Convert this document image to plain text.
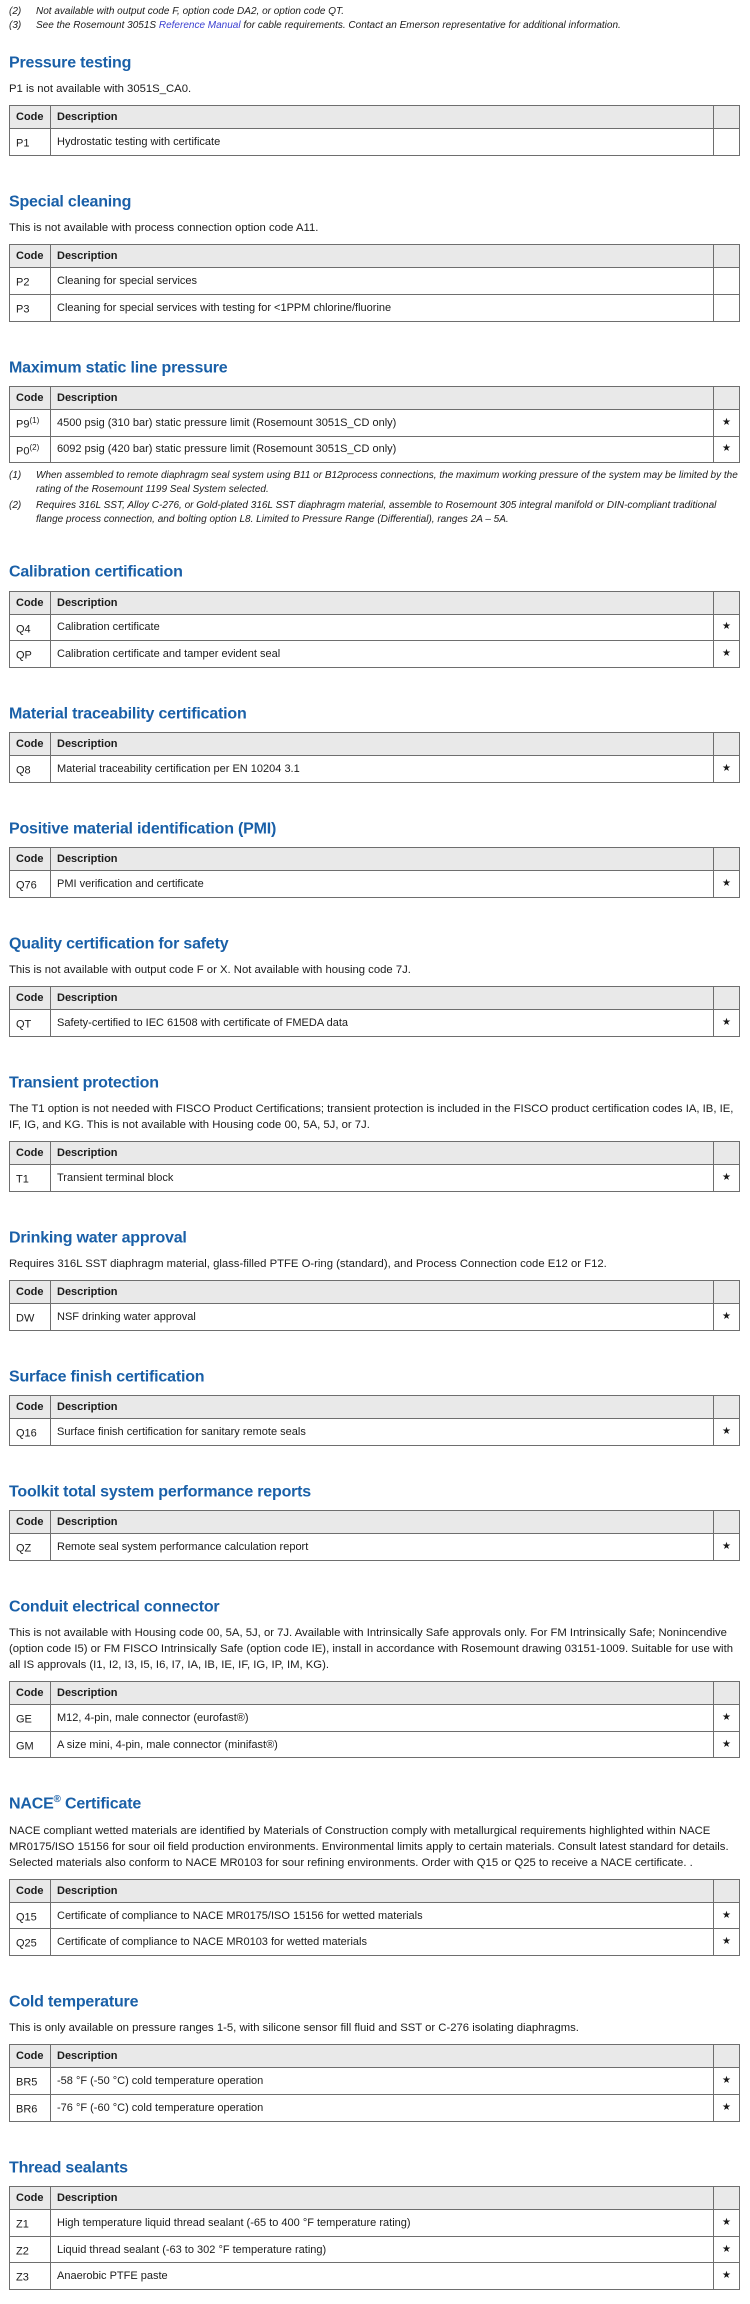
(2)	Not available with output code F, option code DA2, or option code QT.
(3)	See the Rosemount 3051S Reference Manual for cable requirements. Contact an Emerson representative for additional information.
Pressure testing

P1 is not available with 3051S_CA0.

Code	Description	
P1	Hydrostatic testing with certificate	
Special cleaning

This is not available with process connection option code A11.

Code	Description	
P2	Cleaning for special services	
P3	Cleaning for special services with testing for <1PPM chlorine/fluorine	
Maximum static line pressure
Code	Description	
P9$^{(1)}$	4500 psig (310 bar) static pressure limit (Rosemount 3051S_CD only)	★
P0$^{(2)}$	6092 psig (420 bar) static pressure limit (Rosemount 3051S_CD only)	★
(1)	When assembled to remote diaphragm seal system using B11 or B12process connections, the maximum working pressure of the system may be limited by the rating of the Rosemount 1199 Seal System selected.
(2)	Requires 316L SST, Alloy C-276, or Gold-plated 316L SST diaphragm material, assemble to Rosemount 305 integral manifold or DIN-compliant traditional flange process connection, and bolting option L8. Limited to Pressure Range (Differential), ranges 2A – 5A.
Calibration certification
Code	Description	
Q4	Calibration certificate	★
QP	Calibration certificate and tamper evident seal	★
Material traceability certification
Code	Description	
Q8	Material traceability certification per EN 10204 3.1	★
Positive material identification (PMI)
Code	Description	
Q76	PMI verification and certificate	★
Quality certification for safety

This is not available with output code F or X. Not available with housing code 7J.

Code	Description	
QT	Safety-certified to IEC 61508 with certificate of FMEDA data	★
Transient protection

The T1 option is not needed with FISCO Product Certifications; transient protection is included in the FISCO product certification codes IA, IB, IE, IF, IG, and KG. This is not available with Housing code 00, 5A, 5J, or 7J.

Code	Description	
T1	Transient terminal block	★
Drinking water approval

Requires 316L SST diaphragm material, glass-filled PTFE O-ring (standard), and Process Connection code E12 or F12.

Code	Description	
DW	NSF drinking water approval	★
Surface finish certification
Code	Description	
Q16	Surface finish certification for sanitary remote seals	★
Toolkit total system performance reports
Code	Description	
QZ	Remote seal system performance calculation report	★
Conduit electrical connector

This is not available with Housing code 00, 5A, 5J, or 7J. Available with Intrinsically Safe approvals only. For FM Intrinsically Safe; Nonincendive (option code I5) or FM FISCO Intrinsically Safe (option code IE), install in accordance with Rosemount drawing 03151-1009. Suitable for use with all IS approvals (I1, I2, I3, I5, I6, I7, IA, IB, IE, IF, IG, IP, IM, KG).

Code	Description	
GE	M12, 4-pin, male connector (eurofast®)	★
GM	A size mini, 4-pin, male connector (minifast®)	★
NACE® Certificate

NACE compliant wetted materials are identified by Materials of Construction comply with metallurgical requirements highlighted within NACE MR0175/ISO 15156 for sour oil field production environments. Environmental limits apply to certain materials. Consult latest standard for details. Selected materials also conform to NACE MR0103 for sour refining environments. Order with Q15 or Q25 to receive a NACE certificate. .

Code	Description	
Q15	Certificate of compliance to NACE MR0175/ISO 15156 for wetted materials	★
Q25	Certificate of compliance to NACE MR0103 for wetted materials	★
Cold temperature

This is only available on pressure ranges 1-5, with silicone sensor fill fluid and SST or C-276 isolating diaphragms.

Code	Description	
BR5	-58 °F (-50 °C) cold temperature operation	★
BR6	-76 °F (-60 °C) cold temperature operation	★
Thread sealants
Code	Description	
Z1	High temperature liquid thread sealant (-65 to 400 °F temperature rating)	★
Z2	Liquid thread sealant (-63 to 302 °F temperature rating)	★
Z3	Anaerobic PTFE paste	★
